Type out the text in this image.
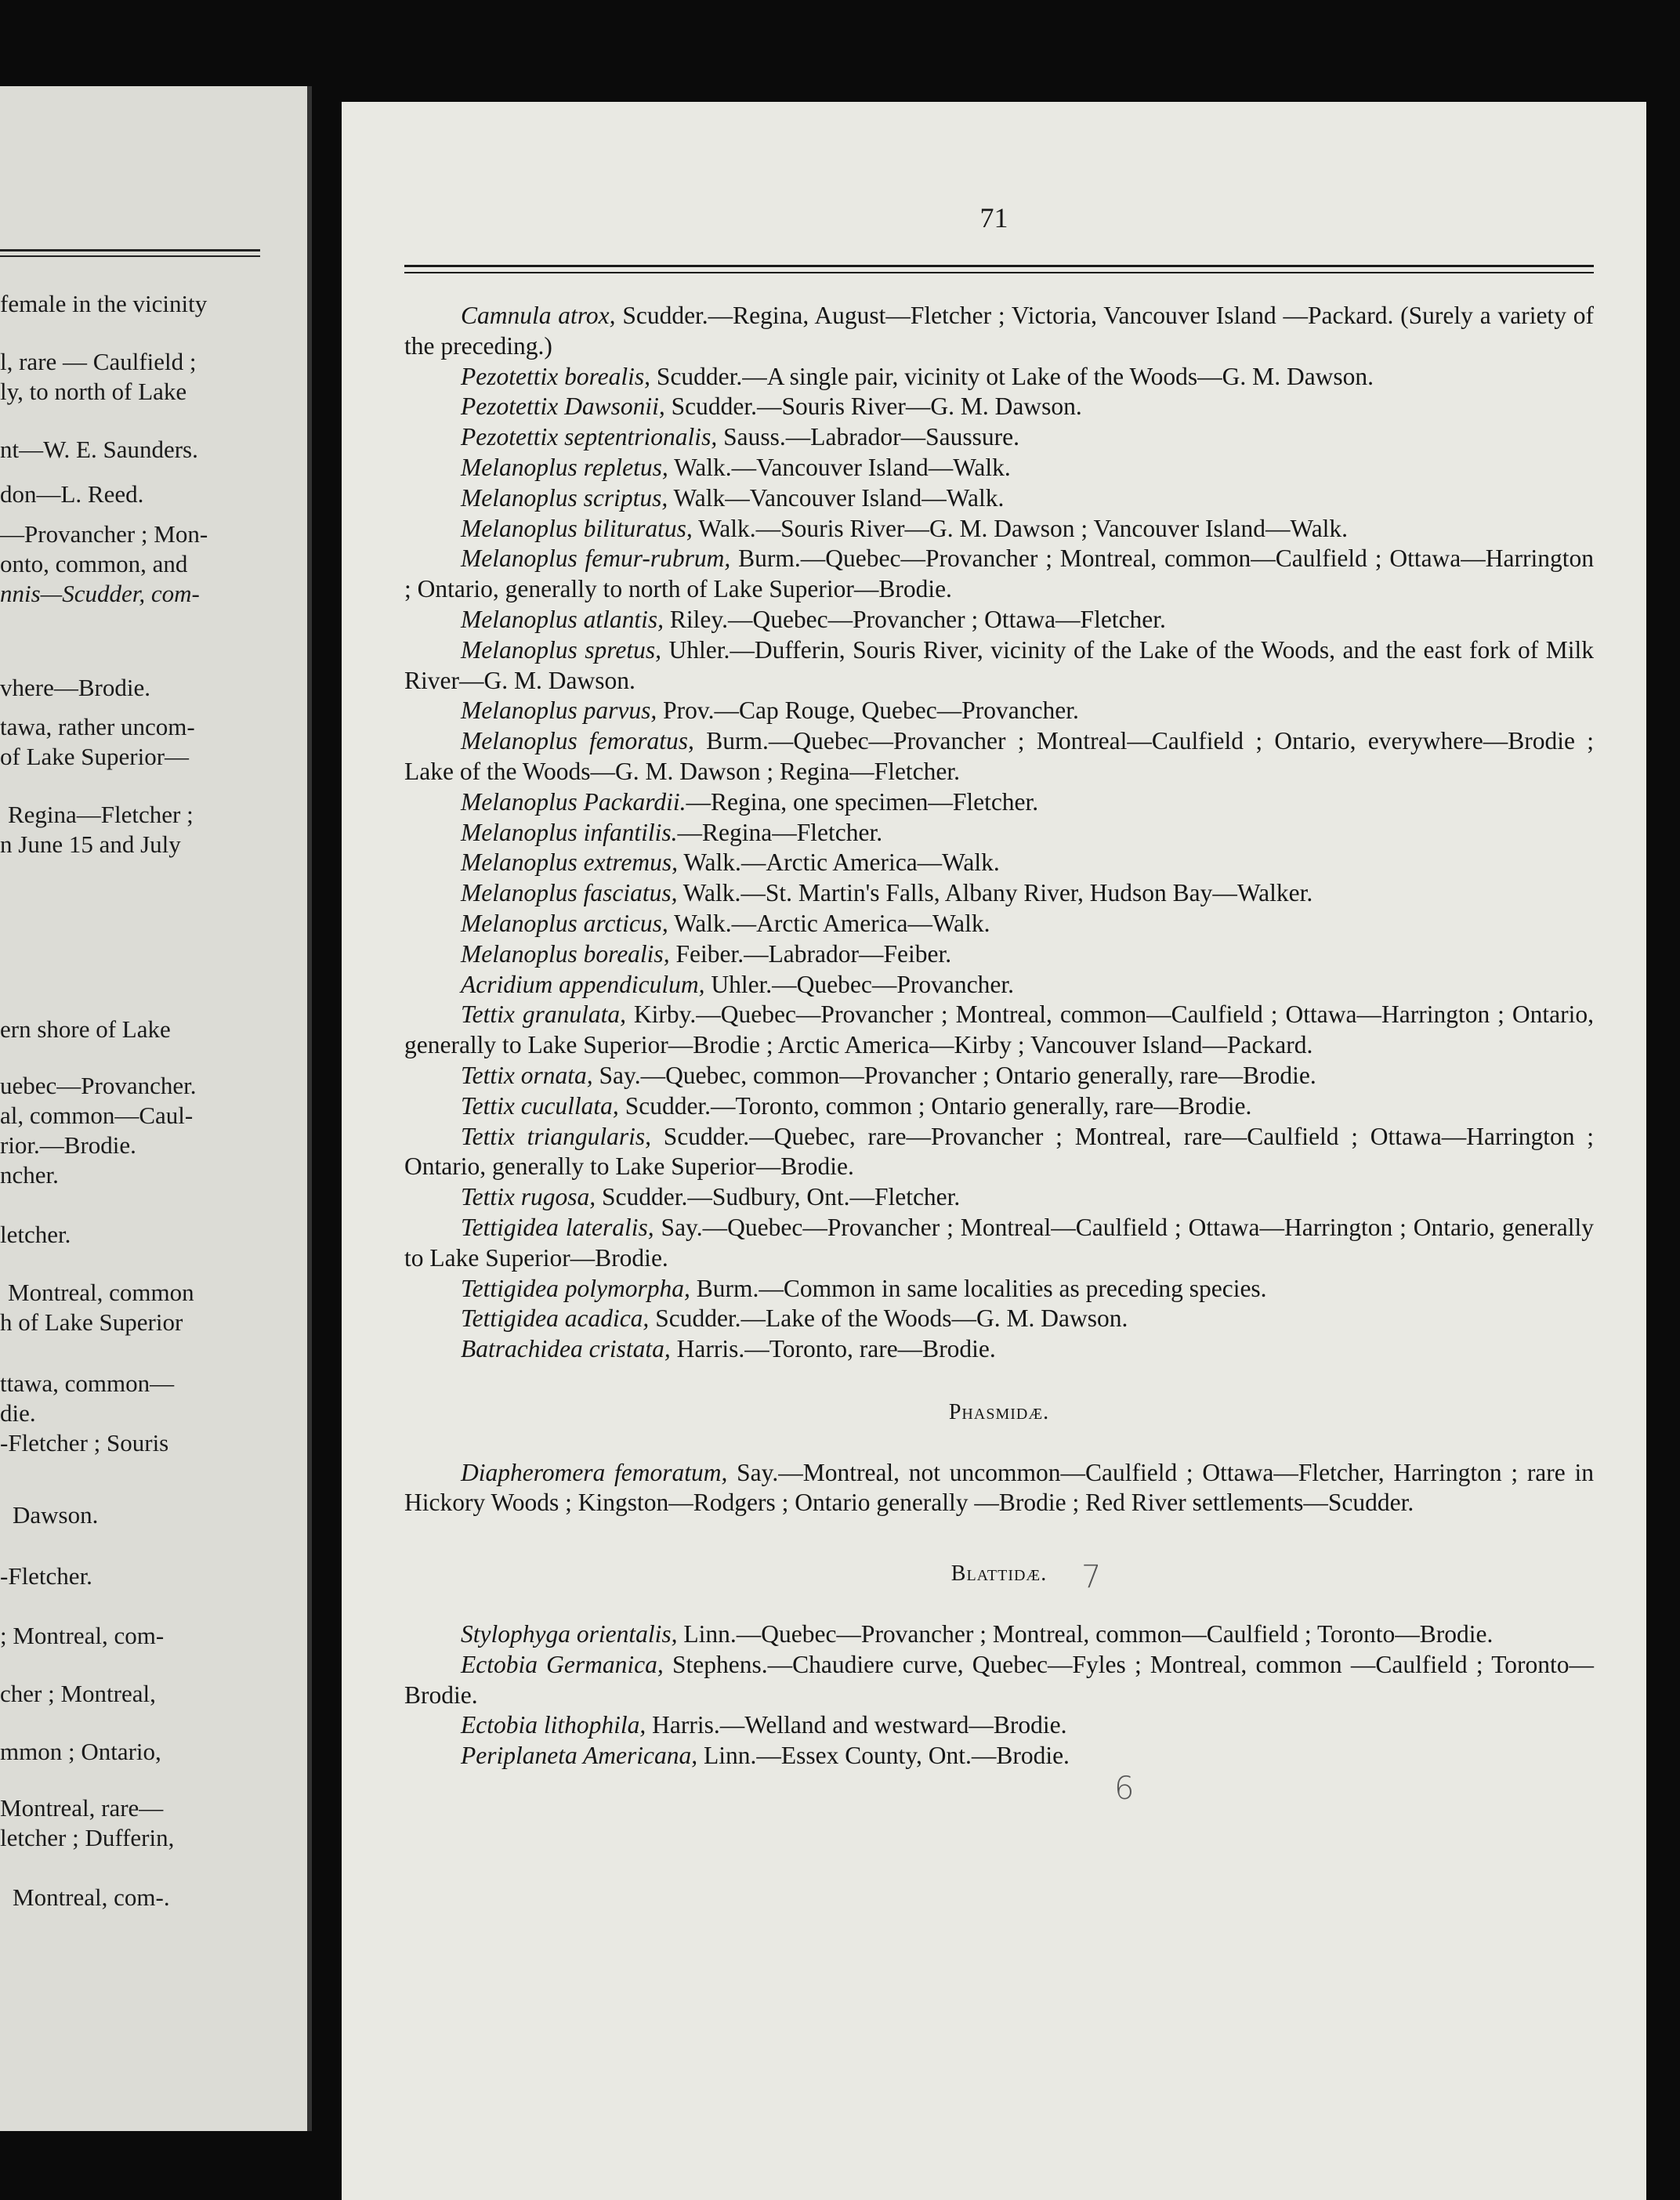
female in the vicinity
l, rare — Caulfield ;
ly, to north of Lake
nt—W. E. Saunders.
don—L. Reed.
—Provancher ; Mon-
onto, common, and
nnis—Scudder, com-
vhere—Brodie.
tawa, rather uncom-
of Lake Superior—
Regina—Fletcher ;
n June 15 and July
ern shore of Lake
uebec—Provancher.
al, common—Caul-
rior.—Brodie.
ncher.
letcher.
Montreal, common
h of Lake Superior
ttawa, common—
die.
-Fletcher ; Souris
Dawson.
-Fletcher.
; Montreal, com-
cher ; Montreal,
mmon ; Ontario,
Montreal, rare—
letcher ; Dufferin,
Montreal, com-.
71

Camnula atrox, Scudder.—Regina, August—Fletcher ; Victoria, Vancouver Island —Packard. (Surely a variety of the preceding.)

Pezotettix borealis, Scudder.—A single pair, vicinity ot Lake of the Woods—G. M. Dawson.

Pezotettix Dawsonii, Scudder.—Souris River—G. M. Dawson.

Pezotettix septentrionalis, Sauss.—Labrador—Saussure.

Melanoplus repletus, Walk.—Vancouver Island—Walk.

Melanoplus scriptus, Walk—Vancouver Island—Walk.

Melanoplus bilituratus, Walk.—Souris River—G. M. Dawson ; Vancouver Island—Walk.

Melanoplus femur-rubrum, Burm.—Quebec—Provancher ; Montreal, common—Caulfield ; Ottawa—Harrington ; Ontario, generally to north of Lake Superior—Brodie.

Melanoplus atlantis, Riley.—Quebec—Provancher ; Ottawa—Fletcher.

Melanoplus spretus, Uhler.—Dufferin, Souris River, vicinity of the Lake of the Woods, and the east fork of Milk River—G. M. Dawson.

Melanoplus parvus, Prov.—Cap Rouge, Quebec—Provancher.

Melanoplus femoratus, Burm.—Quebec—Provancher ; Montreal—Caulfield ; Ontario, everywhere—Brodie ; Lake of the Woods—G. M. Dawson ; Regina—Fletcher.

Melanoplus Packardii.—Regina, one specimen—Fletcher.

Melanoplus infantilis.—Regina—Fletcher.

Melanoplus extremus, Walk.—Arctic America—Walk.

Melanoplus fasciatus, Walk.—St. Martin's Falls, Albany River, Hudson Bay—Walker.

Melanoplus arcticus, Walk.—Arctic America—Walk.

Melanoplus borealis, Feiber.—Labrador—Feiber.

Acridium appendiculum, Uhler.—Quebec—Provancher.

Tettix granulata, Kirby.—Quebec—Provancher ; Montreal, common—Caulfield ; Ottawa—Harrington ; Ontario, generally to Lake Superior—Brodie ; Arctic America—Kirby ; Vancouver Island—Packard.

Tettix ornata, Say.—Quebec, common—Provancher ; Ontario generally, rare—Brodie.

Tettix cucullata, Scudder.—Toronto, common ; Ontario generally, rare—Brodie.

Tettix triangularis, Scudder.—Quebec, rare—Provancher ; Montreal, rare—Caulfield ; Ottawa—Harrington ; Ontario, generally to Lake Superior—Brodie.

Tettix rugosa, Scudder.—Sudbury, Ont.—Fletcher.

Tettigidea lateralis, Say.—Quebec—Provancher ; Montreal—Caulfield ; Ottawa—Harrington ; Ontario, generally to Lake Superior—Brodie.

Tettigidea polymorpha, Burm.—Common in same localities as preceding species.

Tettigidea acadica, Scudder.—Lake of the Woods—G. M. Dawson.

Batrachidea cristata, Harris.—Toronto, rare—Brodie.

Phasmidæ.

Diapheromera femoratum, Say.—Montreal, not uncommon—Caulfield ; Ottawa—Fletcher, Harrington ; rare in Hickory Woods ; Kingston—Rodgers ; Ontario generally —Brodie ; Red River settlements—Scudder.

Blattidæ.

Stylophyga orientalis, Linn.—Quebec—Provancher ; Montreal, common—Caulfield ; Toronto—Brodie.

Ectobia Germanica, Stephens.—Chaudiere curve, Quebec—Fyles ; Montreal, common —Caulfield ; Toronto—Brodie.

Ectobia lithophila, Harris.—Welland and westward—Brodie.

Periplaneta Americana, Linn.—Essex County, Ont.—Brodie.

7
6
